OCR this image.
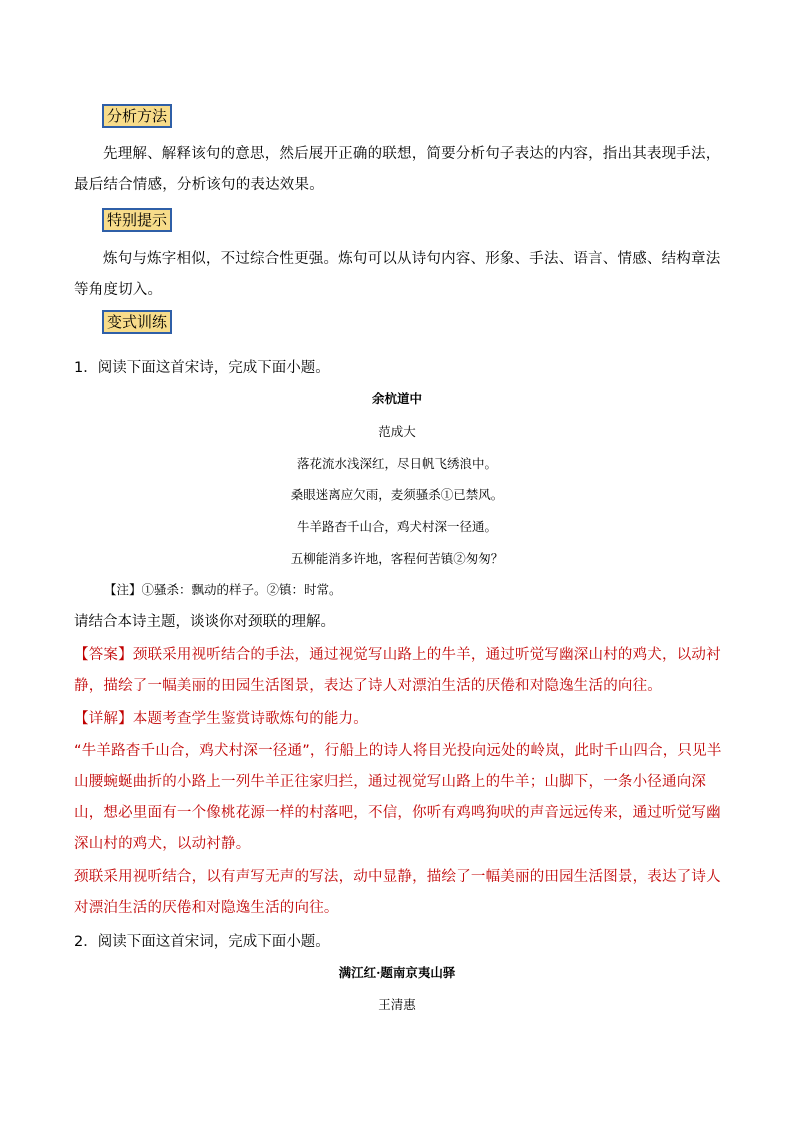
分析方法
先理解、解释该句的意思，然后展开正确的联想，简要分析句子表达的内容，指出其表现手法，最后结合情感，分析该句的表达效果。
特别提示
炼句与炼字相似，不过综合性更强。炼句可以从诗句内容、形象、手法、语言、情感、结构章法等角度切入。
变式训练
1．阅读下面这首宋诗，完成下面小题。
余杭道中
范成大
落花流水浅深红，尽日帆飞绣浪中。
桑眼迷离应欠雨，麦须骚杀①已禁风。
牛羊路杳千山合，鸡犬村深一径通。
五柳能消多许地，客程何苦镇②匆匆？
【注】①骚杀：飘动的样子。②镇：时常。
请结合本诗主题，谈谈你对颈联的理解。
【答案】颈联采用视听结合的手法，通过视觉写山路上的牛羊，通过听觉写幽深山村的鸡犬，以动衬静，描绘了一幅美丽的田园生活图景，表达了诗人对漂泊生活的厌倦和对隐逸生活的向往。
【详解】本题考查学生鉴赏诗歌炼句的能力。
“牛羊路杳千山合，鸡犬村深一径通”，行船上的诗人将目光投向远处的岭岚，此时千山四合，只见半山腰蜿蜒曲折的小路上一列牛羊正往家归拦，通过视觉写山路上的牛羊；山脚下，一条小径通向深山，想必里面有一个像桃花源一样的村落吧，不信，你听有鸡鸣狗吠的声音远远传来，通过听觉写幽深山村的鸡犬，以动衬静。
颈联采用视听结合，以有声写无声的写法，动中显静，描绘了一幅美丽的田园生活图景，表达了诗人对漂泊生活的厌倦和对隐逸生活的向往。
2．阅读下面这首宋词，完成下面小题。
满江红·题南京夷山驿
王清惠
